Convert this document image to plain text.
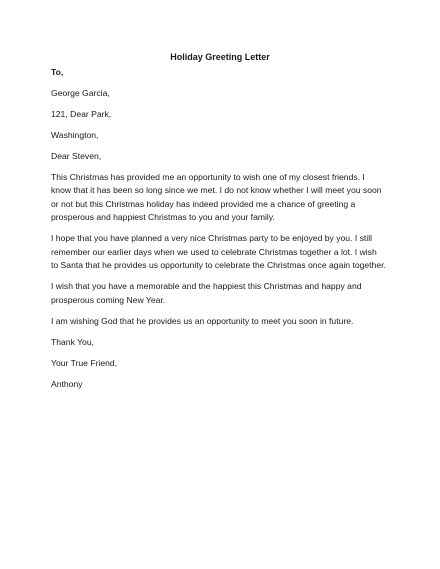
Holiday Greeting Letter

To,

George Garcia,

121, Dear Park,

Washington,

Dear Steven,

This Christmas has provided me an opportunity to wish one of my closest friends. I know that it has been so long since we met. I do not know whether I will meet you soon or not but this Christmas holiday has indeed provided me a chance of greeting a prosperous and happiest Christmas to you and your family.

I hope that you have planned a very nice Christmas party to be enjoyed by you. I still remember our earlier days when we used to celebrate Christmas together a lot. I wish to Santa that he provides us opportunity to celebrate the Christmas once again together.

I wish that you have a memorable and the happiest this Christmas and happy and prosperous coming New Year.

I am wishing God that he provides us an opportunity to meet you soon in future.

Thank You,

Your True Friend,

Anthony
